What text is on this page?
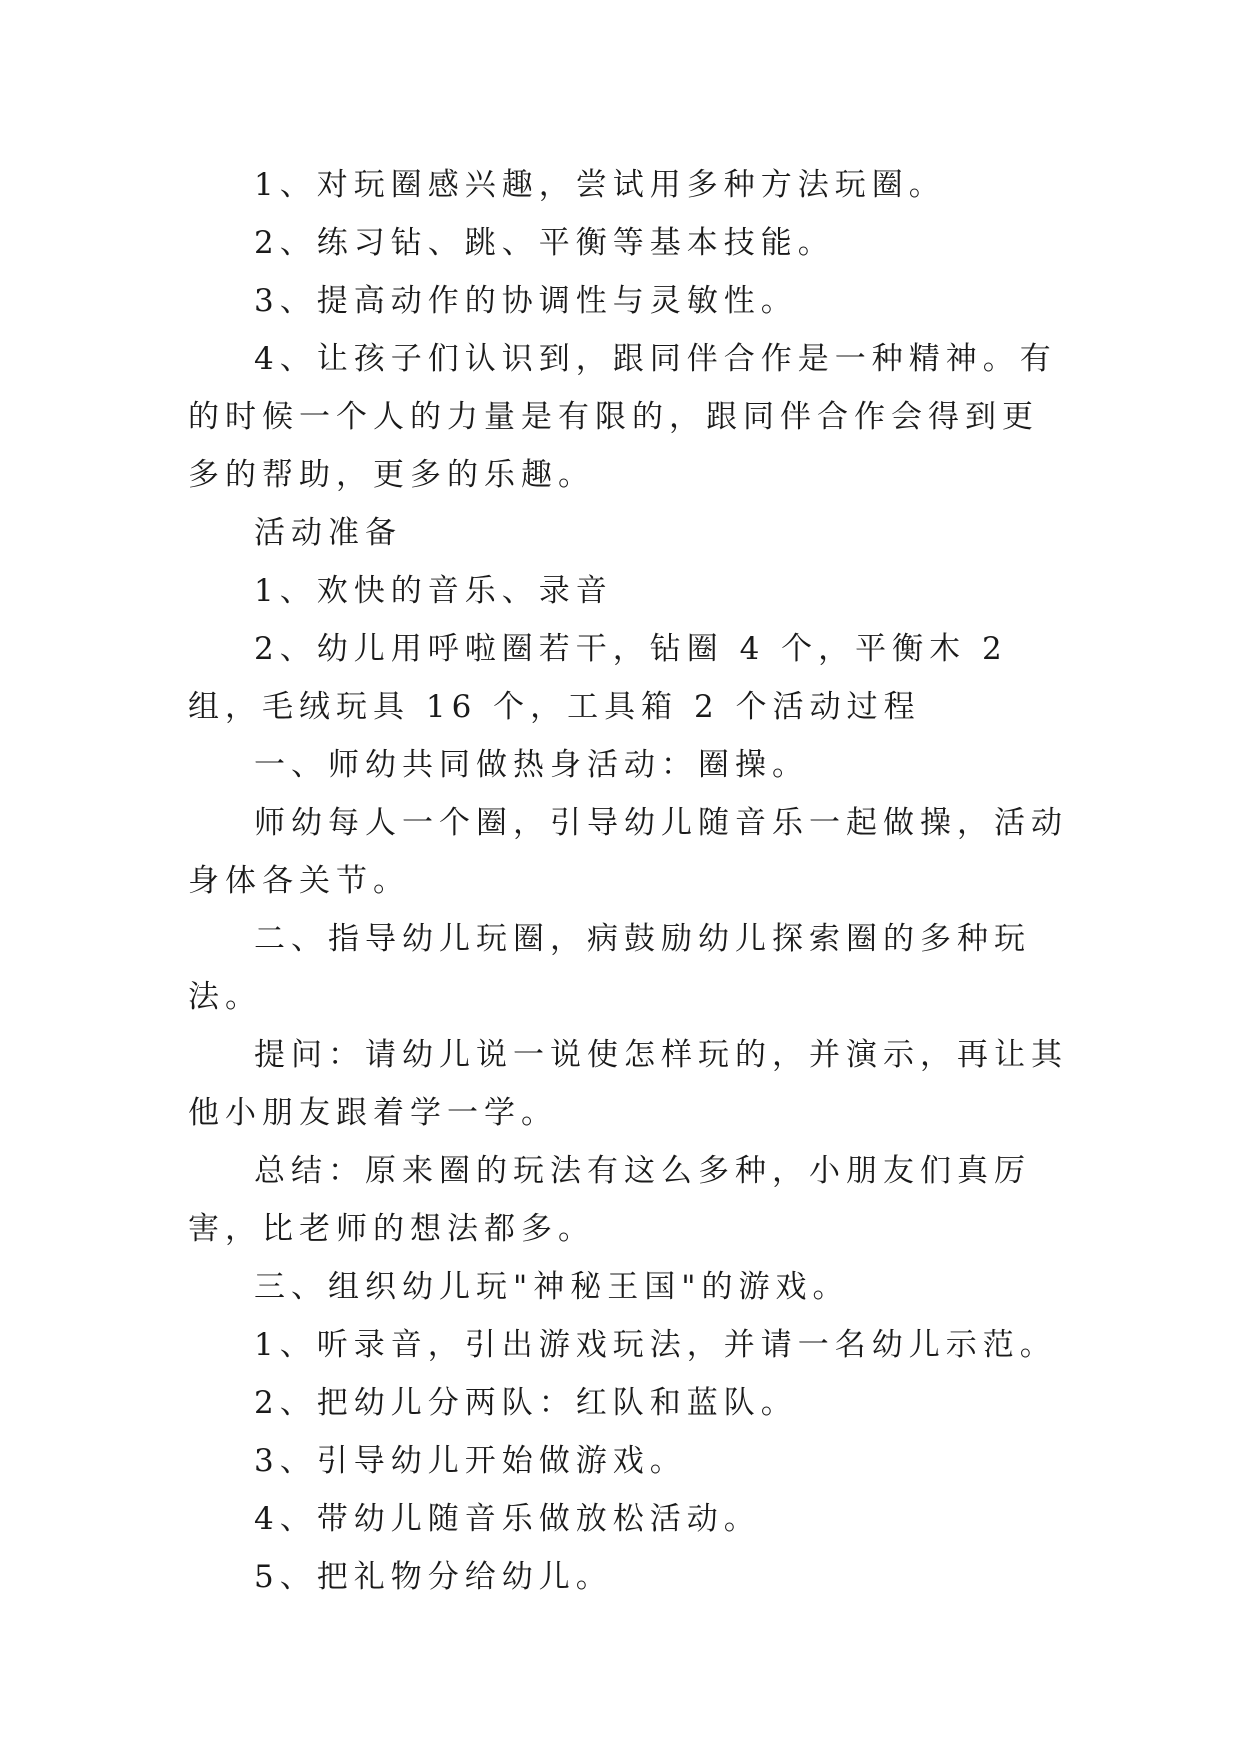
1、对玩圈感兴趣，尝试用多种方法玩圈。

2、练习钻、跳、平衡等基本技能。

3、提高动作的协调性与灵敏性。

4、让孩子们认识到，跟同伴合作是一种精神。有的时候一个人的力量是有限的，跟同伴合作会得到更多的帮助，更多的乐趣。

活动准备

1、欢快的音乐、录音

2、幼儿用呼啦圈若干，钻圈 4 个，平衡木 2 组，毛绒玩具 16 个，工具箱 2 个活动过程

一、师幼共同做热身活动：圈操。

师幼每人一个圈，引导幼儿随音乐一起做操，活动身体各关节。

二、指导幼儿玩圈，病鼓励幼儿探索圈的多种玩法。

提问：请幼儿说一说使怎样玩的，并演示，再让其他小朋友跟着学一学。

总结：原来圈的玩法有这么多种，小朋友们真厉害，比老师的想法都多。

三、组织幼儿玩"神秘王国"的游戏。

1、听录音，引出游戏玩法，并请一名幼儿示范。

2、把幼儿分两队：红队和蓝队。

3、引导幼儿开始做游戏。

4、带幼儿随音乐做放松活动。

5、把礼物分给幼儿。
